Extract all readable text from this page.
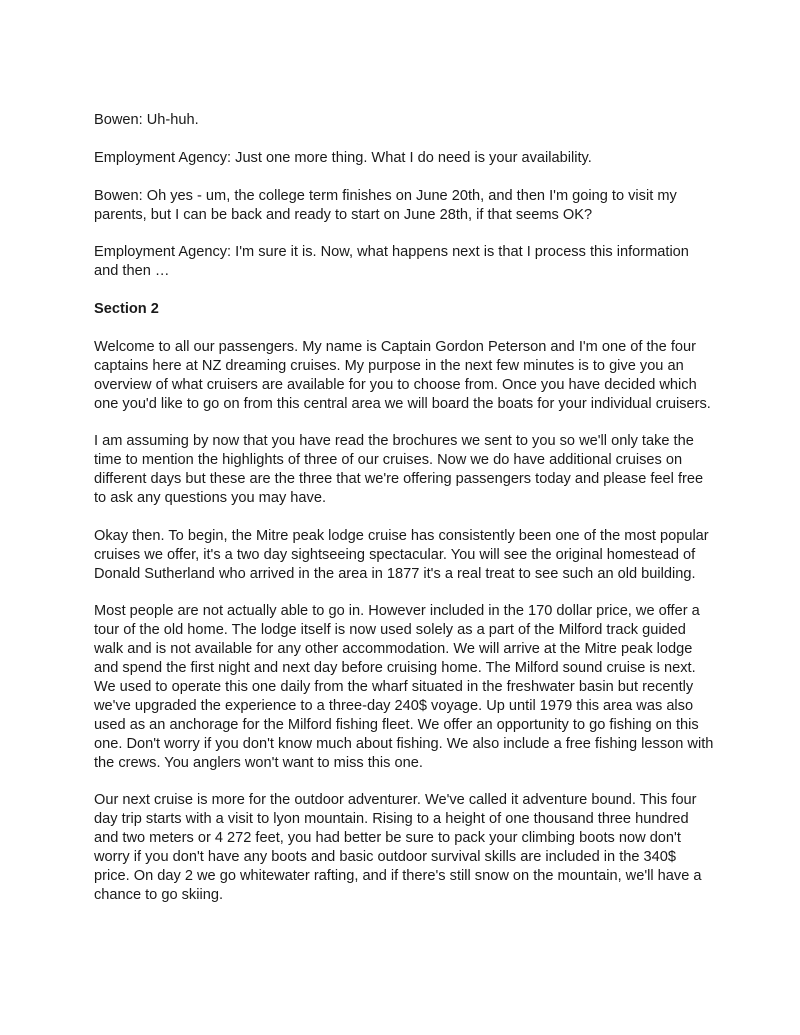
Bowen: Uh-huh.

Employment Agency: Just one more thing. What I do need is your availability.

Bowen: Oh yes - um, the college term finishes on June 20th, and then I'm going to visit my parents, but I can be back and ready to start on June 28th, if that seems OK?

Employment Agency: I'm sure it is. Now, what happens next is that I process this information and then …

Section 2

Welcome to all our passengers. My name is Captain Gordon Peterson and I'm one of the four captains here at NZ dreaming cruises. My purpose in the next few minutes is to give you an overview of what cruisers are available for you to choose from. Once you have decided which one you'd like to go on from this central area we will board the boats for your individual cruisers.

I am assuming by now that you have read the brochures we sent to you so we'll only take the time to mention the highlights of three of our cruises. Now we do have additional cruises on different days but these are the three that we're offering passengers today and please feel free to ask any questions you may have.

Okay then. To begin, the Mitre peak lodge cruise has consistently been one of the most popular cruises we offer, it's a two day sightseeing spectacular. You will see the original homestead of Donald Sutherland who arrived in the area in 1877 it's a real treat to see such an old building.

Most people are not actually able to go in. However included in the 170 dollar price, we offer a tour of the old home. The lodge itself is now used solely as a part of the Milford track guided walk and is not available for any other accommodation. We will arrive at the Mitre peak lodge and spend the first night and next day before cruising home. The Milford sound cruise is next. We used to operate this one daily from the wharf situated in the freshwater basin but recently we've upgraded the experience to a three-day 240$ voyage. Up until 1979 this area was also used as an anchorage for the Milford fishing fleet. We offer an opportunity to go fishing on this one. Don't worry if you don't know much about fishing. We also include a free fishing lesson with the crews. You anglers won't want to miss this one.

Our next cruise is more for the outdoor adventurer. We've called it adventure bound. This four day trip starts with a visit to lyon mountain. Rising to a height of one thousand three hundred and two meters or 4 272 feet, you had better be sure to pack your climbing boots now don't worry if you don't have any boots and basic outdoor survival skills are included in the 340$ price. On day 2 we go whitewater rafting, and if there's still snow on the mountain, we'll have a chance to go skiing.
